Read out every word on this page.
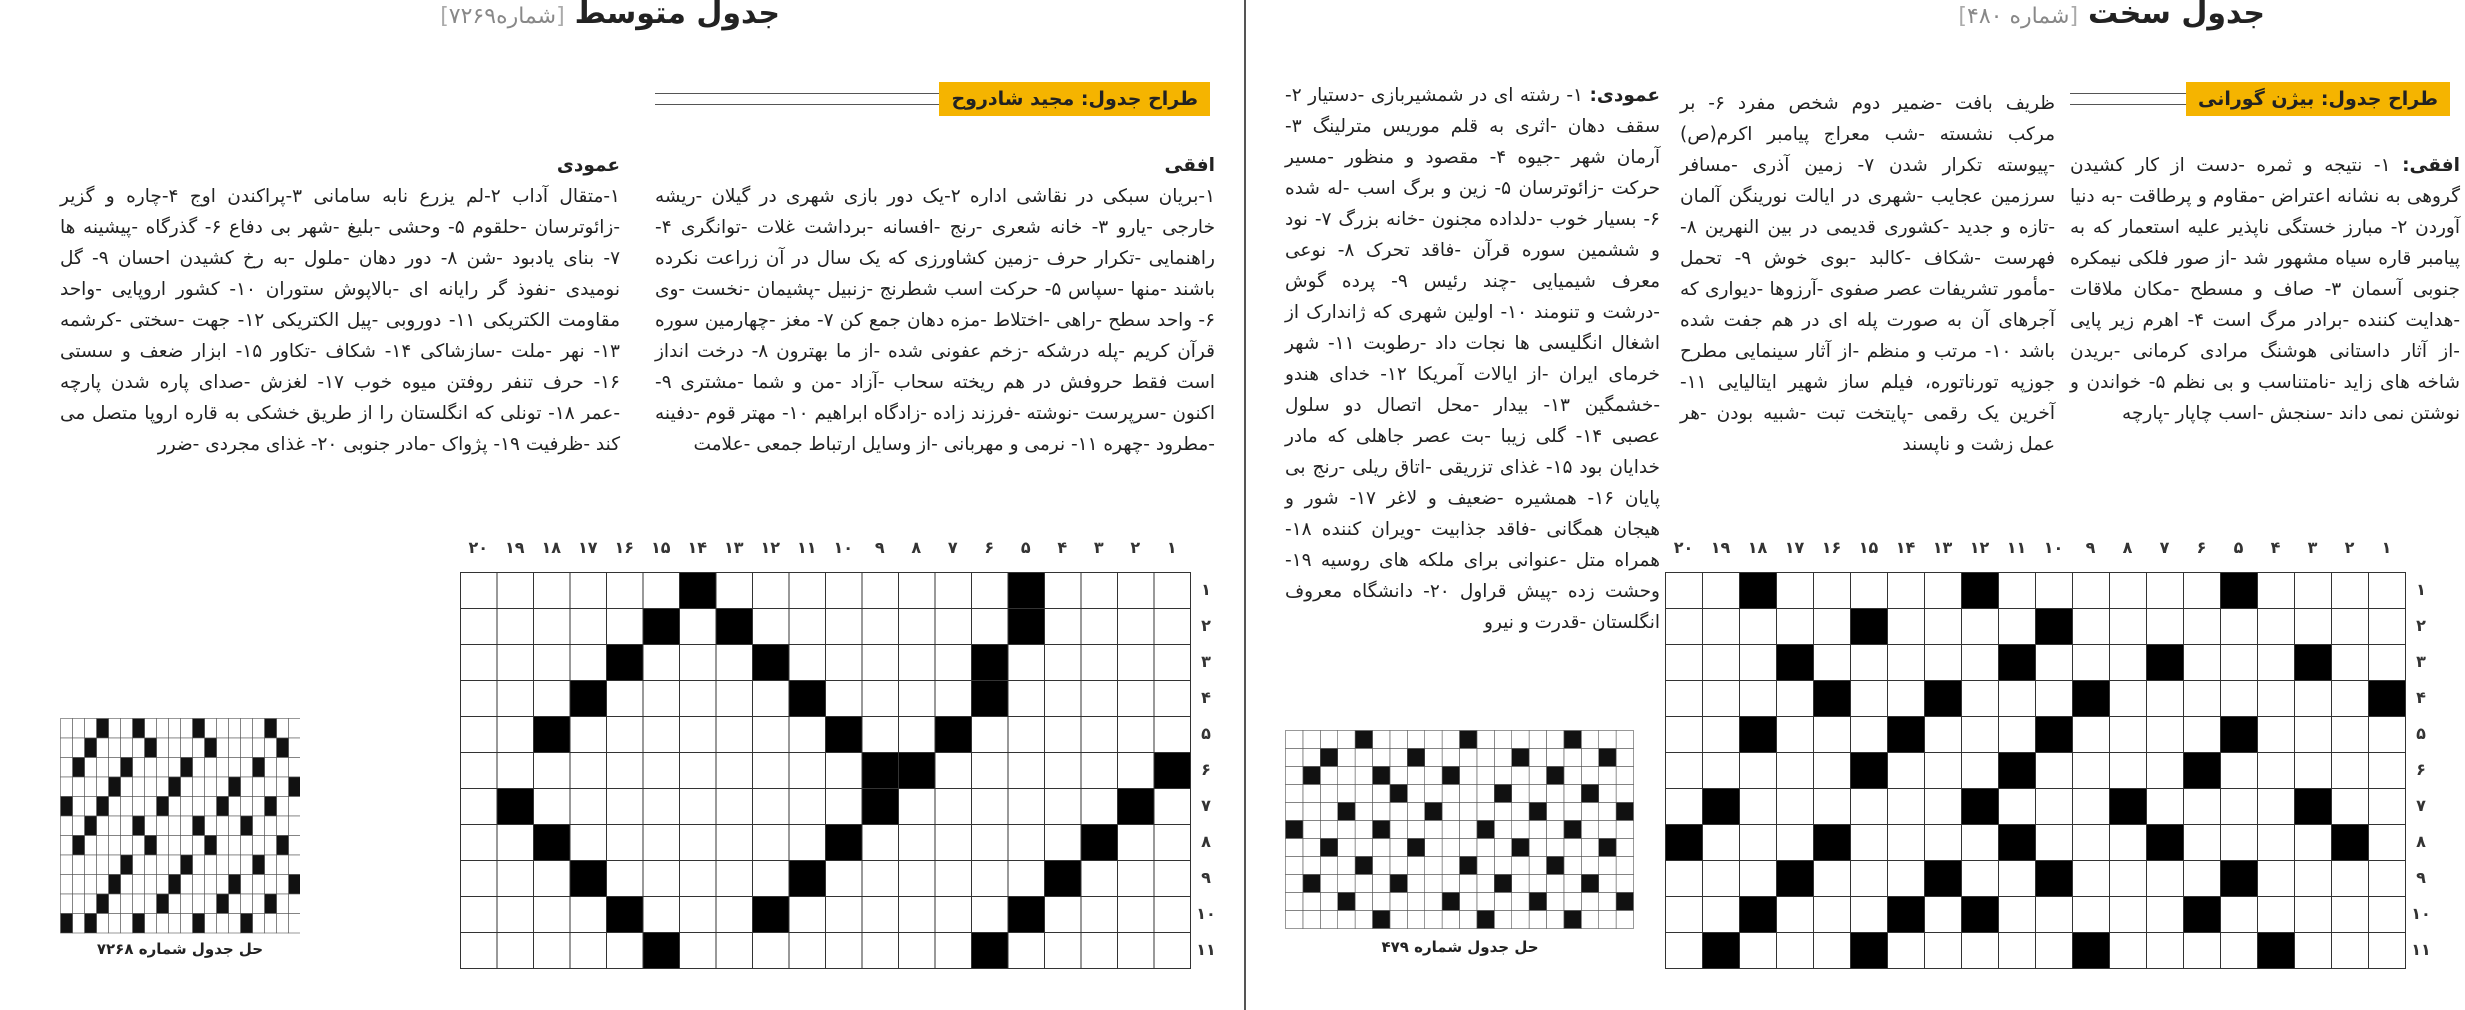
جدول متوسط[شماره۷۲۶۹]
طراح جدول: مجید شادروح
افقی
۱-بریان سبکی در نقاشی اداره ۲-یک دور بازی شهری در گیلان -ریشه خارجی -یارو ۳- خانه شعری -رنج -افسانه -برداشت غلات -توانگری ۴- راهنمایی -تکرار حرف -زمین کشاورزی که یک سال در آن زراعت نکرده باشند -منها -سپاس ۵- حرکت اسب شطرنج -زنبیل -پشیمان -نخست -وی ۶- واحد سطح -راهی -اختلاط -مزه دهان جمع کن ۷- مغز -چهارمین سوره قرآن کریم -پله درشکه -زخم عفونی شده -از ما بهترون ۸- درخت انداز است فقط حروفش در هم ریخته سحاب -آزاد -من و شما -مشتری ۹- اکنون -سرپرست -نوشته -فرزند زاده -زادگاه ابراهیم ۱۰- مهتر قوم -دفینه -مطرود -چهره ۱۱- نرمی و مهربانی -از وسایل ارتباط جمعی -علامت
عمودی
۱-متقال آداب ۲-لم یزرع نابه سامانی ۳-پراکندن اوج ۴-چاره و گزیر -زائوترسان -حلقوم ۵- وحشی -بلیغ -شهر بی دفاع ۶- گذرگاه -پیشینه ها ۷- بنای یادبود -شن ۸- دور دهان -ملول -به رخ کشیدن احسان ۹- گل نومیدی -نفوذ گر رایانه ای -بالاپوش ستوران ۱۰- کشور اروپایی -واحد مقاومت الکتریکی ۱۱- دوروبی -پیل الکتریکی ۱۲- جهت -سختی -کرشمه ۱۳- نهر -ملت -سازشاکی ۱۴- شکاف -تکاور ۱۵- ابزار ضعف و سستی ۱۶- حرف تنفر روفتن میوه خوب ۱۷- لغزش -صدای پاره شدن پارچه -عمر ۱۸- تونلی که انگلستان را از طریق خشکی به قاره اروپا متصل می کند -ظرفیت ۱۹- پژواک -مادر جنوبی ۲۰- غذای مجردی -ضرر
حل جدول شماره ۷۲۶۸
۱
۲
۳
۴
۵
۶
۷
۸
۹
۱۰
۱۱
۱۲
۱۳
۱۴
۱۵
۱۶
۱۷
۱۸
۱۹
۲۰
۱
۲
۳
۴
۵
۶
۷
۸
۹
۱۰
۱۱
جدول سخت[شماره ۴۸۰]
طراح جدول: بیژن گورانی
افقی: ۱- نتیجه و ثمره -دست از کار کشیدن گروهی به نشانه اعتراض -مقاوم و پرطاقت -به دنیا آوردن ۲- مبارز خستگی ناپذیر علیه استعمار که به پیامبر قاره سیاه مشهور شد -از صور فلکی نیمکره جنوبی آسمان ۳- صاف و مسطح -مکان ملاقات -هدایت کننده -برادر مرگ است ۴- اهرم زیر پایی -از آثار داستانی هوشنگ مرادی کرمانی -بریدن شاخه های زاید -نامتناسب و بی نظم ۵- خواندن و نوشتن نمی داند -سنجش -اسب چاپار -پارچه
ظریف بافت -ضمیر دوم شخص مفرد ۶- بر مرکب نشسته -شب معراج پیامبر اکرم(ص) -پیوسته تکرار شدن ۷- زمین آذری -مسافر سرزمین عجایب -شهری در ایالت نورینگن آلمان -تازه و جدید -کشوری قدیمی در بین النهرین ۸- فهرست -شکاف -کالبد -بوی خوش ۹- تحمل -مأمور تشریفات عصر صفوی -آرزوها -دیواری که آجرهای آن به صورت پله ای در هم جفت شده باشد ۱۰- مرتب و منظم -از آثار سینمایی مطرح جوزپه تورناتوره، فیلم ساز شهیر ایتالیایی ۱۱- آخرین یک رقمی -پایتخت تبت -شبیه بودن -هر عمل زشت و ناپسند
عمودی: ۱- رشته ای در شمشیربازی -دستیار ۲- سقف دهان -اثری به قلم موریس مترلینگ ۳- آرمان شهر -جیوه ۴- مقصود و منظور -مسیر حرکت -زائوترسان ۵- زین و برگ اسب -له شده ۶- بسیار خوب -دلداده مجنون -خانه بزرگ ۷- نود و ششمین سوره قرآن -فاقد تحرک ۸- نوعی معرف شیمیایی -چند رئیس ۹- پرده گوش -درشت و تنومند ۱۰- اولین شهری که ژاندارک از اشغال انگلیسی ها نجات داد -رطوبت ۱۱- شهر خرمای ایران -از ایالات آمریکا ۱۲- خدای هندو -خشمگین ۱۳- بیدار -محل اتصال دو سلول عصبی ۱۴- گلی زیبا -بت عصر جاهلی که مادر خدایان بود ۱۵- غذای تزریقی -اتاق ریلی -رنج بی پایان ۱۶- همشیره -ضعیف و لاغر ۱۷- شور و هیجان همگانی -فاقد جذابیت -ویران کننده ۱۸- همراه متل -عنوانی برای ملکه های روسیه ۱۹- وحشت زده -پیش قراول ۲۰- دانشگاه معروف انگلستان -قدرت و نیرو
حل جدول شماره ۴۷۹
۱
۲
۳
۴
۵
۶
۷
۸
۹
۱۰
۱۱
۱۲
۱۳
۱۴
۱۵
۱۶
۱۷
۱۸
۱۹
۲۰
۱
۲
۳
۴
۵
۶
۷
۸
۹
۱۰
۱۱
